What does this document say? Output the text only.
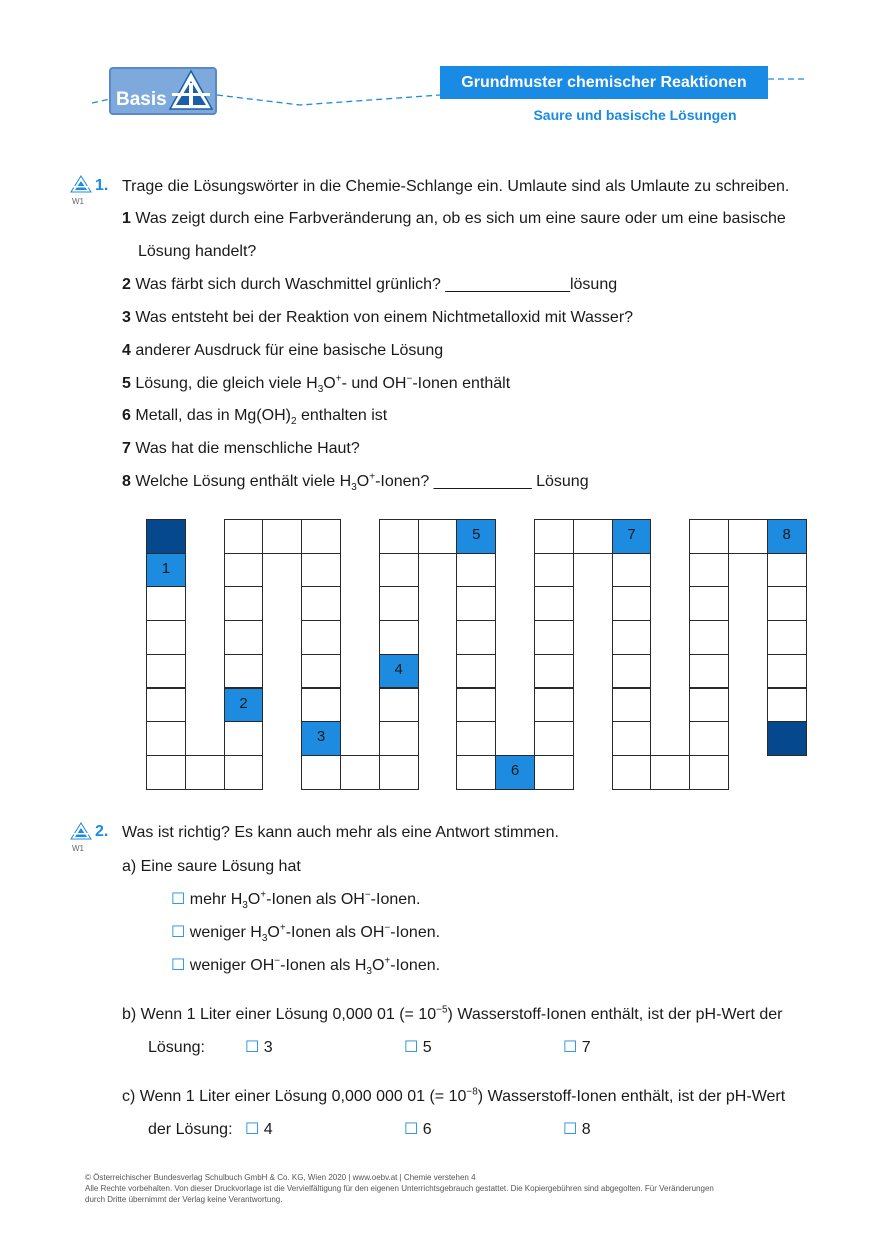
Basis
Grundmuster chemischer Reaktionen
Saure und basische Lösungen
1.
W1
Trage die Lösungswörter in die Chemie-Schlange ein. Umlaute sind als Umlaute zu schreiben.
1 Was zeigt durch eine Farbveränderung an, ob es sich um eine saure oder um eine basische
Lösung handelt?
2 Was färbt sich durch Waschmittel grünlich? ______________lösung
3 Was entsteht bei der Reaktion von einem Nichtmetalloxid mit Wasser?
4 anderer Ausdruck für eine basische Lösung
5 Lösung, die gleich viele $H_3O^+-$ und OH−-Ionen enthält
6 Metall, das in $Mg(OH)_2$ enthalten ist
7 Was hat die menschliche Haut?
8 Welche Lösung enthält viele $H_3O^+$-Ionen? ___________ Lösung
1
2
3
4
5
6
7	8
2.
W1
Was ist richtig? Es kann auch mehr als eine Antwort stimmen.
a) Eine saure Lösung hat
☐ mehr $H_3O^+$-Ionen als OH−-Ionen.
☐ weniger $H_3O^+$-Ionen als OH−-Ionen.
☐ weniger OH−-Ionen als $H_3O^+$-Ionen.
b) Wenn 1 Liter einer Lösung 0,000 01 (= $10^{-5}$) Wasserstoff-Ionen enthält, ist der pH-Wert der
Lösung:	☐ 3	☐ 5	☐ 7
c) Wenn 1 Liter einer Lösung 0,000 000 01 (= $10^{-8}$) Wasserstoff-Ionen enthält, ist der pH-Wert
der Lösung: ☐ 4	☐ 6	☐ 8
© Österreichischer Bundesverlag Schulbuch GmbH & Co. KG, Wien 2020 | www.oebv.at | Chemie verstehen 4
Alle Rechte vorbehalten. Von dieser Druckvorlage ist die Vervielfältigung für den eigenen Unterrichtsgebrauch gestattet. Die Kopiergebühren sind abgegolten. Für Veränderungen
durch Dritte übernimmt der Verlag keine Verantwortung.
